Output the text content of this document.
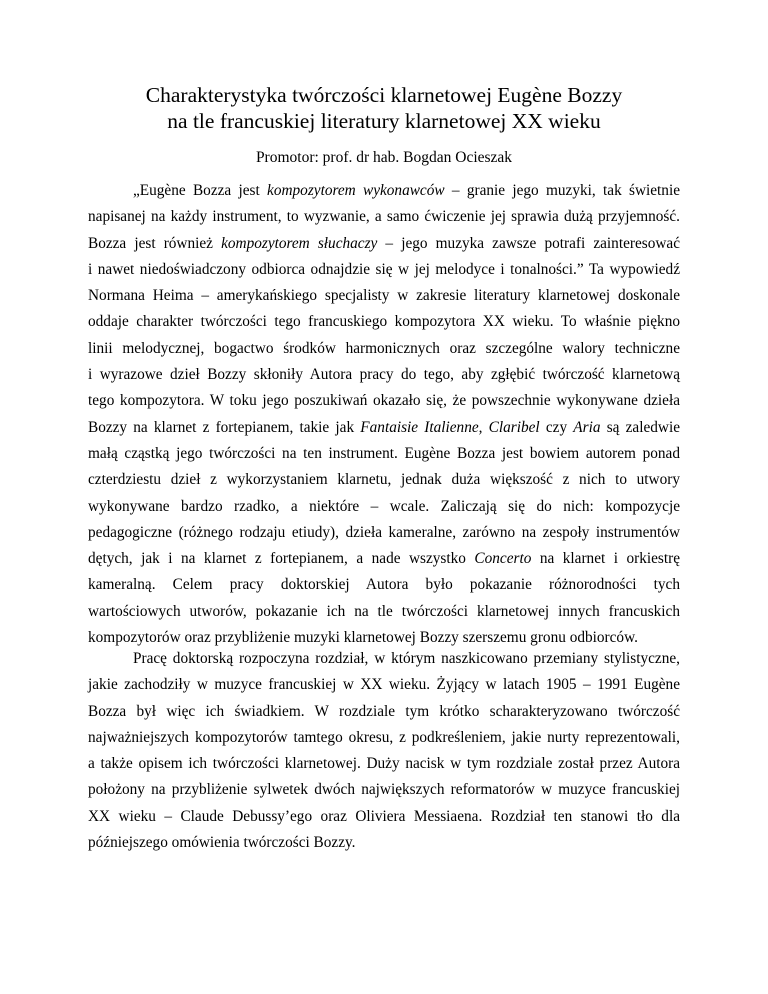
Charakterystyka twórczości klarnetowej Eugène Bozzy
na tle francuskiej literatury klarnetowej XX wieku
Promotor: prof. dr hab. Bogdan Ocieszak
„Eugène Bozza jest kompozytorem wykonawców – granie jego muzyki, tak świetnie
napisanej na każdy instrument, to wyzwanie, a samo ćwiczenie jej sprawia dużą przyjemność.
Bozza jest również kompozytorem słuchaczy – jego muzyka zawsze potrafi zainteresować
i nawet niedoświadczony odbiorca odnajdzie się w jej melodyce i tonalności.” Ta wypowiedź
Normana Heima – amerykańskiego specjalisty w zakresie literatury klarnetowej doskonale
oddaje charakter twórczości tego francuskiego kompozytora XX wieku. To właśnie piękno
linii melodycznej, bogactwo środków harmonicznych oraz szczególne walory techniczne
i wyrazowe dzieł Bozzy skłoniły Autora pracy do tego, aby zgłębić twórczość klarnetową
tego kompozytora. W toku jego poszukiwań okazało się, że powszechnie wykonywane dzieła
Bozzy na klarnet z fortepianem, takie jak Fantaisie Italienne, Claribel czy Aria są zaledwie
małą cząstką jego twórczości na ten instrument. Eugène Bozza jest bowiem autorem ponad
czterdziestu dzieł z wykorzystaniem klarnetu, jednak duża większość z nich to utwory
wykonywane bardzo rzadko, a niektóre – wcale. Zaliczają się do nich: kompozycje
pedagogiczne (różnego rodzaju etiudy), dzieła kameralne, zarówno na zespoły instrumentów
dętych, jak i na klarnet z fortepianem, a nade wszystko Concerto na klarnet i orkiestrę
kameralną. Celem pracy doktorskiej Autora było pokazanie różnorodności tych
wartościowych utworów, pokazanie ich na tle twórczości klarnetowej innych francuskich
kompozytorów oraz przybliżenie muzyki klarnetowej Bozzy szerszemu gronu odbiorców.
Pracę doktorską rozpoczyna rozdział, w którym naszkicowano przemiany stylistyczne,
jakie zachodziły w muzyce francuskiej w XX wieku. Żyjący w latach 1905 – 1991 Eugène
Bozza był więc ich świadkiem. W rozdziale tym krótko scharakteryzowano twórczość
najważniejszych kompozytorów tamtego okresu, z podkreśleniem, jakie nurty reprezentowali,
a także opisem ich twórczości klarnetowej. Duży nacisk w tym rozdziale został przez Autora
położony na przybliżenie sylwetek dwóch największych reformatorów w muzyce francuskiej
XX wieku – Claude Debussy’ego oraz Oliviera Messiaena. Rozdział ten stanowi tło dla
późniejszego omówienia twórczości Bozzy.
